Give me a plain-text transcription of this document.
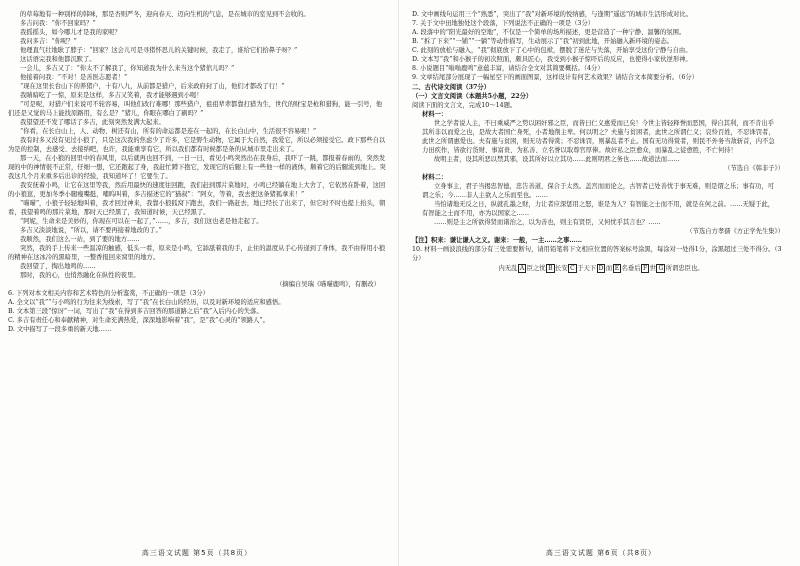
的草莓地有一种别样的韩味，那是杏则严冬，迎向春天、迈向生机的气息，是在城市的室见到不会收的。

多吉问我：“你不回家吗？”

我摇摇头，如今哪儿才是我的家呢？

我问多吉：“你呢？”

他理直气壮地耿了脖子：“回家？这会儿可是寻猪怀思儿的关键时候，我走了，谁给它们拾鼻子呀？”

这话语完我和他都沉默了。

一会儿，多吉又了：“你太不了解我了，你知道我为什么来当这个猪倌儿吗？”

他接着问我：“不对！是善医志愿者！”

“现在这里长台山下的养猪户，十有八九，从前都是猎户，后来政府封了山，他们才都改了行！”

我睛暗吃了一惊，原来是这样，多吉又笑着，我才能够遇到小喝！

“可是呢，对猎户们来说可不轮容易，叫他们改行难哪！那些猎户，祖祖辈辈都靠打猎为生，世代的财宝是枪和猎狗，能一引号，他们还是又觉的马上能找原路用，有么是？“猪儿，你眼在哪白了刷吗？”

我望望还不发了哪话了多吉，此刻突然发满大起来。

“你看，在长白山上，人、动物、树还有山，所有的命运都是连在一起的，在长白山中，生活很不容易呢！”

我有时多又没有见过小狼了，只是这次我的焦虑少了许多，它是野生动物，它属于大自然，我爱它，所以必须接受它。政下那些自以为是的控制，去感受、去接纳吧，也许，我能重享有它，所以我们都有时候都是条的从城市里走出来了。

那一天，在小狼的回里中的春风里，以后就再也回不到，一日一日，看见小鸣突然出在我身后，我吓了一跳，都报着春雨的，突然发现的中的神情很不正常，仔细一想，它还跑起了身，我赶忙蹲下抱它，发现它的后腿上有一些他一样的液体，顺着它的后腿流到地上。突我这几个月来重多后出诊的经验，我知道坏了！它要生了。

我安抚着小鸣，让它在这里等我，然后用最快的速度往回跑，我们赶到那片菜地时，小鸣已经躺在地上大舍了，它依然在卧着，这回的小狼崽，更加冬季小腿瘦嘴挺，哺呜叫着，多吉描述它的“猫叔”：“阿女，等着，我去把这条猪狐拿来！”

“喵喵”，小狼子轻轻地叫着，我才回过神来，我靠小狼狐窝下跑去，我们一路赶去，地已经长了出来了，但它时不时也提上抬头，朝看，我望着鸣的那片菜地，那时天已经黑了，我知道时候，天已经黑了。

“阿妮，生命来是美妙的，你现在可以在一起了，”……，多吉，我们这也老是他走起了。

多吉又淡淡地说，“所以，请不要再接着地改的了。”

我顺然，我们这么一站，到了要的地方……

突然，我的手上传来一些温凉的触感，低头一看，原来是小鸣，它舔舐着我的手，止住的温度从手心传递到了身体，我不由得用小狼的精神在这冰冷的黑暗里，一整香报回来窝里的地方。

我回望了，掏出地鸣的……

那时，我的心，也悄然融化在纵性的夜里。

（摘编自吴瑞《喵喵鹿鸣》，有删改）

6. 下列对本文相关内容和艺术特色的分析鉴赏，不正确的一项是（3分）

A. 全文以“我”“与小鸣的行为往来为线索，写了“我”在长白山的经历，以及对新环境的适应和感悟。

B. 文本第三段“惊讶”一词，写出了“我”在得到多吉回答的那道路之后“我”入后内心的失落。

C. 多吉有责任心和奉献精神，对生命充满热爱，深深地影响着“我”，是“我”心灵的“领路人”。

D. 文中描写了一段多重的新天地……

高三语文试题 第5页（共8页）

D. 文中画线句运用三个“熟悉”，突出了“我”对新环境的悦纳感，与逢期“遥远”的城市生活形成对比。

7. 关于文中田地独处这个段落，下列说法不正确的一项是（3分）

A. 段落中的“阳光最好的空地”，不仅是一个简单的场所描述，更是营造了一种宁静、温馨的氛围。

B. “拆了下来”“一铺”“一躺”等动作描写，生动展示了“我”初到此地，开始融入新环境的姿态。

C. 此刻的放松与融入，“我”彻底放下了心中的包袱，摆脱了迷茫与失落，开始享受这份宁静与自由。

D. 文本写“我”和小猴子的初次照面，颇具匠心，我受到小猴子惊吓后的反应，也使得小家伙逆形神。

8. 小说题目“嗡嗡鹿鸣”意蕴丰富，请结合全文对其简要概括。（4分）

9. 文章结尾部分展现了一幅星空下的画面图景，这样设计有何艺术效果？请结合文本简要分析。（6分）

二、古代诗文阅读（37分）

（一）文言文阅读（本题共5小题，22分）

阅读下面的文言文，完成10～14题。

材料一：

世之学者说人主，不曰乘威严之势以困奸邪之臣，而皆曰仁义惠爱而已矣！今世主皆轻释誉而恶国，得自其利，而不肯出乎其所非以而爱之也，是故大者国亡身死，小者地削主卑。何以明之？夫施与贫困者，此世之所谓仁义；哀怜百姓，不忍诛罚者，此世之所谓惠爱也。夫有施与贫困，则无功者得赏；不忍诛罚，则暴乱者不止。国有无功得赏者，则民不外务当敌斩首，内不急力田疾作，皆欲行货财、事富贵、为私善、立名誉以取尊官厚俸。故奸私之臣愈众，而暴乱之徒愈胜，不亡何待！

故明主者，设其所恶以禁其邪，设其所好以立其功……此则明君之务也……故道法而……

（节选自《韩非子》）

材料二：

立身事主，君子当揭忠智德，忠告善道，保合于太然。盖宫而而论之，古智者已处善忧于事无难，则是谓之乐；事有功，可谓之乐；今……非人主欲人之乐而至也。……

当怕诸地无反之日，纵就孔墨之财，力让者应深惩用之怒，谁是为人？有智能之士而不用，就是在何之前。……无疑于此，有智能之士而不用，亦为以国家之……

……则是主之所欲得贤而诸治之，以为善也，则主有贤臣，又何忧乎其言也？……

（节选自方孝孺《方正学先生集》）

【注】积来：谦让谦人之义。谢来：一般，一主……之事……

10. 材料一画波浪线的部分有三处需要断句，请用铅笔将下文相应位置的答案标号涂黑，每涂对一处得1分，涂黑超过三处不得分。（3分）

内无乱 A 臣之忧 B 长安 C 于天下 D 而 E 名垂后 F 世 G 所谓忠臣也。

高三语文试题 第6页（共8页）
